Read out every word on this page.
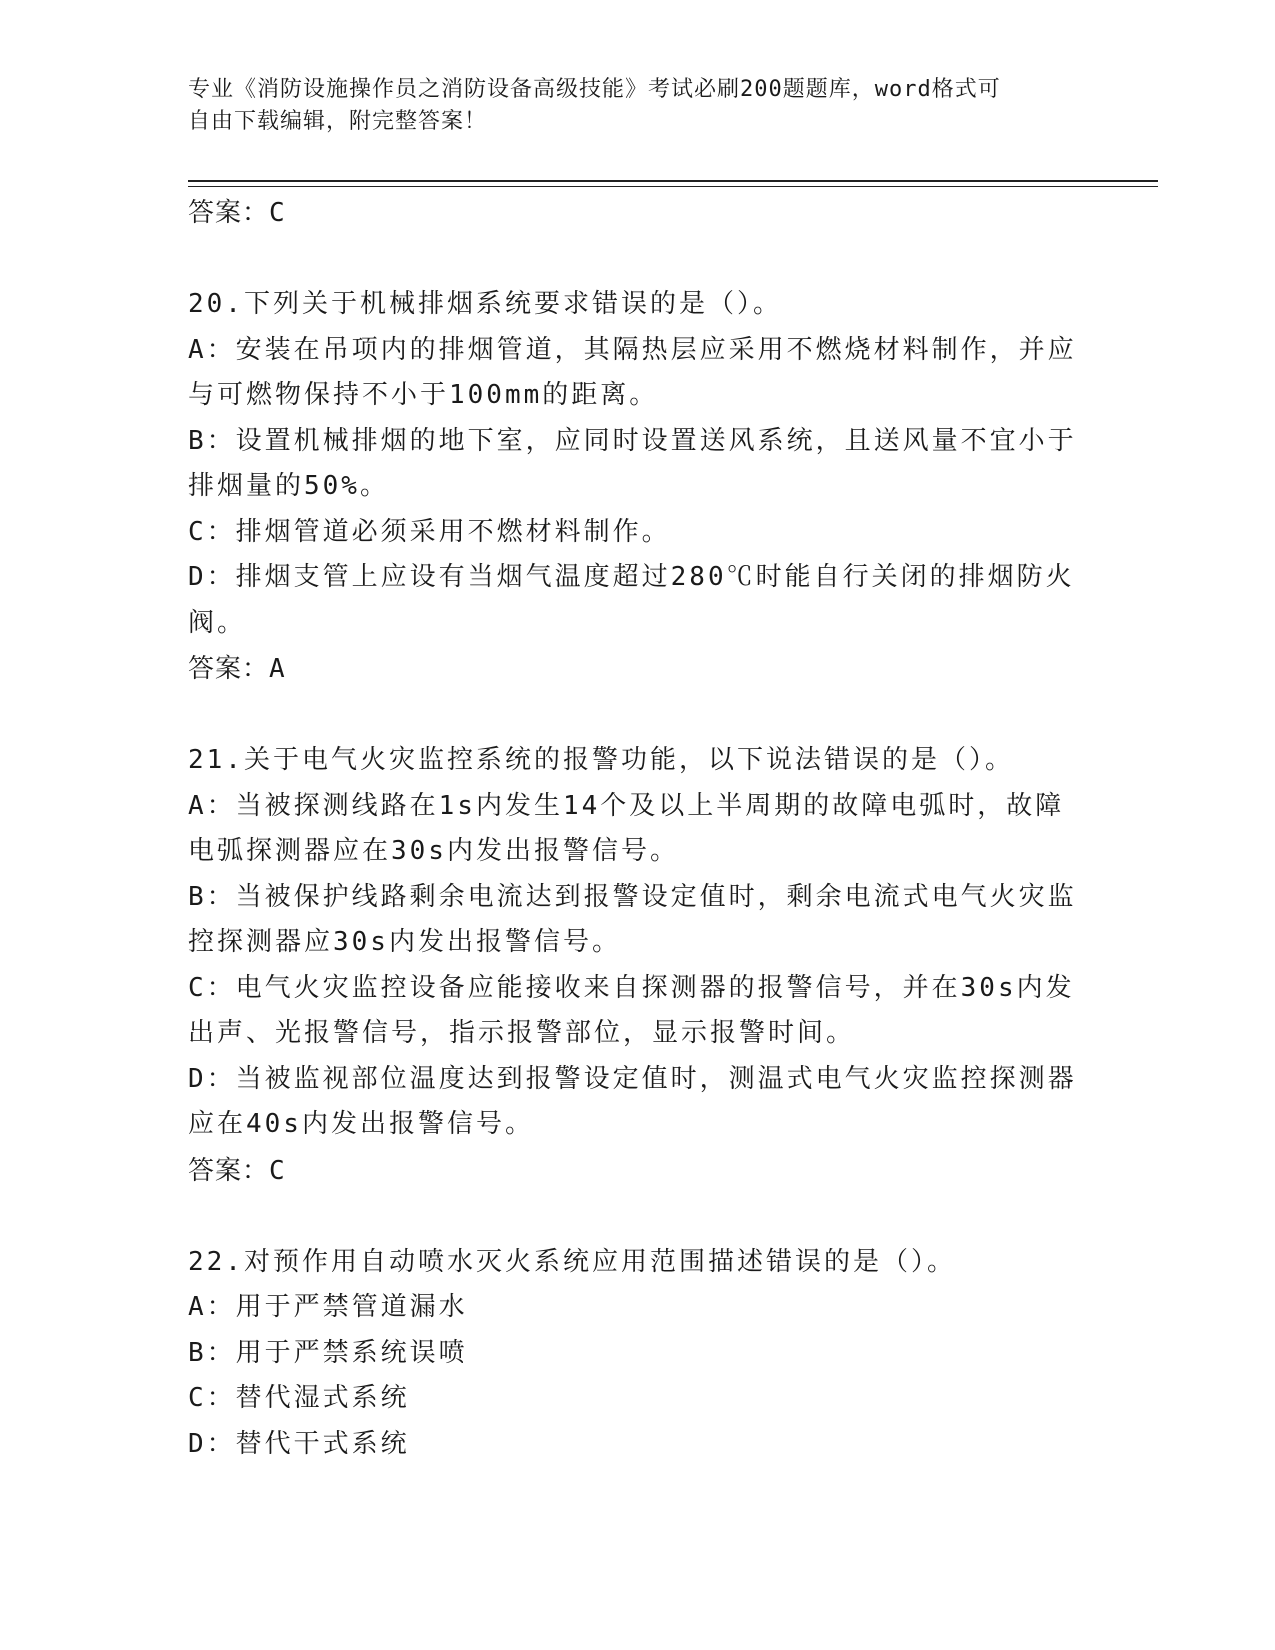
专业《消防设施操作员之消防设备高级技能》考试必刷200题题库，word格式可
自由下载编辑，附完整答案！

答案：C

20.下列关于机械排烟系统要求错误的是（）。

A：安装在吊项内的排烟管道，其隔热层应采用不燃烧材料制作，并应

与可燃物保持不小于100mm的距离。

B：设置机械排烟的地下室，应同时设置送风系统，且送风量不宜小于

排烟量的50%。

C：排烟管道必须采用不燃材料制作。

D：排烟支管上应设有当烟气温度超过280℃时能自行关闭的排烟防火

阀。

答案：A

21.关于电气火灾监控系统的报警功能，以下说法错误的是（）。

A：当被探测线路在1s内发生14个及以上半周期的故障电弧时，故障

电弧探测器应在30s内发出报警信号。

B：当被保护线路剩余电流达到报警设定值时，剩余电流式电气火灾监

控探测器应30s内发出报警信号。

C：电气火灾监控设备应能接收来自探测器的报警信号，并在30s内发

出声、光报警信号，指示报警部位，显示报警时间。

D：当被监视部位温度达到报警设定值时，测温式电气火灾监控探测器

应在40s内发出报警信号。

答案：C

22.对预作用自动喷水灭火系统应用范围描述错误的是（）。

A：用于严禁管道漏水

B：用于严禁系统误喷

C：替代湿式系统

D：替代干式系统
